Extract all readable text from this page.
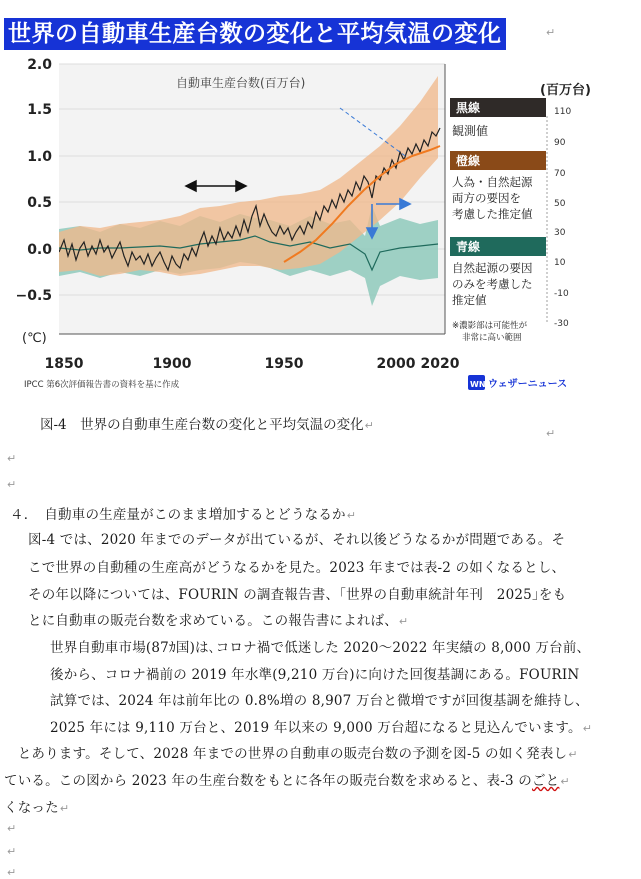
世界の自動車生産台数の変化と平均気温の変化	↵
2.0
1.5
1.0
0.5
0.0
−0.5
(℃)
1850	1900	1950	2000 2020
自動車生産台数(百万台)	(百万台)
110
90
70
50
30
10
-10
-30
黒線
観測値
橙線
人為・自然起源
両方の要因を
考慮した推定値
青線
自然起源の要因
のみを考慮した
推定値
※濃影部は可能性が
非常に高い範囲
IPCC 第6次評価報告書の資料を基に作成	WN ウェザーニュース
図-4　世界の自動車生産台数の変化と平均気温の変化↵
↵
↵
↵
４．　自動車の生産量がこのまま増加するとどうなるか↵
図-4 では、2020 年までのデータが出ているが、それ以後どうなるかが問題である。そ
こで世界の自動種の生産高がどうなるかを見た。2023 年までは表-2 の如くなるとし、
その年以降については、FOURIN の調査報告書、｢世界の自動車統計年刊　2025｣をも
とに自動車の販売台数を求めている。この報告書によれば、↵
世界自動車市場(87ｶ国)は､コロナ禍で低迷した 2020～2022 年実績の 8,000 万台前、
後から、コロナ禍前の 2019 年水準(9,210 万台)に向けた回復基調にある。FOURIN
試算では、2024 年は前年比の 0.8%増の 8,907 万台と微増ですが回復基調を維持し、
2025 年には 9,110 万台と、2019 年以来の 9,000 万台超になると見込んでいます。↵
　とあります。そして、2028 年までの世界の自動車の販売台数の予測を図-5 の如く発表し↵
ている。この図から 2023 年の生産台数をもとに各年の販売台数を求めると、表-3 のごと↵
くなった↵
↵
↵
↵
